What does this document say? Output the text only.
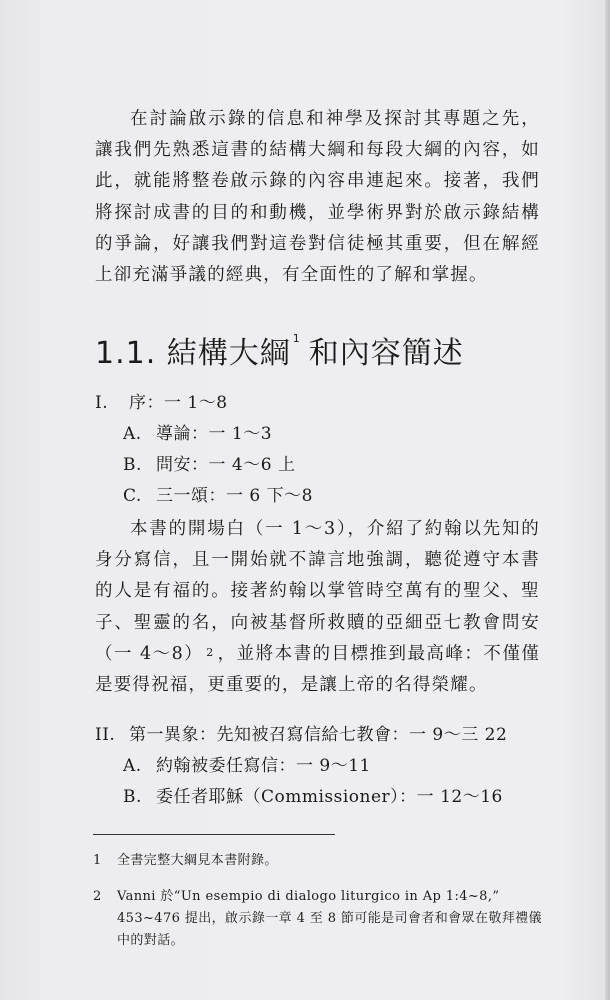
在討論啟示錄的信息和神學及探討其專題之先，讓我們先熟悉這書的結構大綱和每段大綱的內容，如此，就能將整卷啟示錄的內容串連起來。接著，我們將探討成書的目的和動機，並學術界對於啟示錄結構的爭論，好讓我們對這卷對信徒極其重要，但在解經上卻充滿爭議的經典，有全面性的了解和掌握。

1.1. 結構大綱 $^1$ 和內容簡述
I. 序：一 1～8
A. 導論：一 1～3
B. 問安：一 4～6 上
C. 三一頌：一 6 下～8

本書的開場白（一 1～3），介紹了約翰以先知的身分寫信，且一開始就不諱言地強調，聽從遵守本書的人是有福的。接著約翰以掌管時空萬有的聖父、聖子、聖靈的名，向被基督所救贖的亞細亞七教會問安（一 4～8） $^2$ ，並將本書的目標推到最高峰：不僅僅是要得祝福，更重要的，是讓上帝的名得榮耀。

II. 第一異象：先知被召寫信給七教會：一 9～三 22
A. 約翰被委任寫信：一 9～11
B. 委任者耶穌（Commissioner）：一 12～16
1	全書完整大綱見本書附錄。
2	Vanni 於“Un esempio di dialogo liturgico in Ap 1:4~8,” 453~476 提出，啟示錄一章 4 至 8 節可能是司會者和會眾在敬拜禮儀中的對話。
